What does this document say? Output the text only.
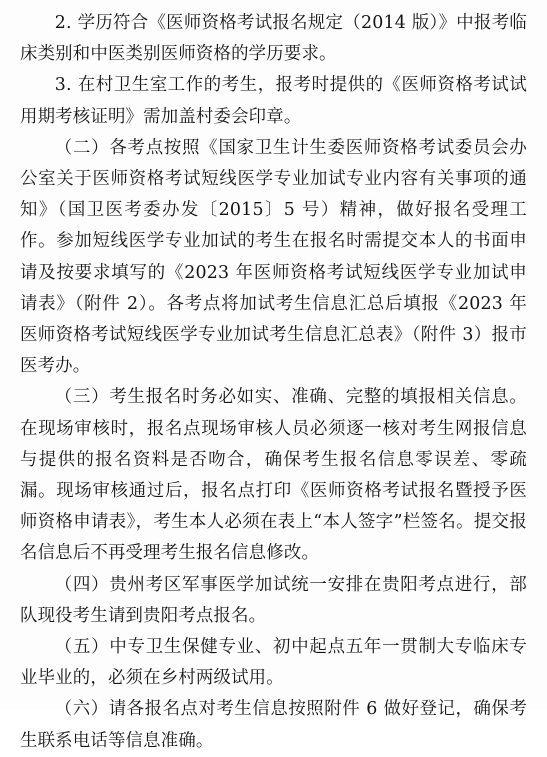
2. 学历符合《医师资格考试报名规定（2014 版）》中报考临床类别和中医类别医师资格的学历要求。

3. 在村卫生室工作的考生，报考时提供的《医师资格考试试用期考核证明》需加盖村委会印章。

（二）各考点按照《国家卫生计生委医师资格考试委员会办公室关于医师资格考试短线医学专业加试专业内容有关事项的通知》（国卫医考委办发〔2015〕5 号）精神，做好报名受理工作。参加短线医学专业加试的考生在报名时需提交本人的书面申请及按要求填写的《2023 年医师资格考试短线医学专业加试申请表》（附件 2）。各考点将加试考生信息汇总后填报《2023 年医师资格考试短线医学专业加试考生信息汇总表》（附件 3）报市医考办。

（三）考生报名时务必如实、准确、完整的填报相关信息。在现场审核时，报名点现场审核人员必须逐一核对考生网报信息与提供的报名资料是否吻合，确保考生报名信息零误差、零疏漏。现场审核通过后，报名点打印《医师资格考试报名暨授予医师资格申请表》，考生本人必须在表上“本人签字”栏签名。提交报名信息后不再受理考生报名信息修改。

（四）贵州考区军事医学加试统一安排在贵阳考点进行，部队现役考生请到贵阳考点报名。

（五）中专卫生保健专业、初中起点五年一贯制大专临床专业毕业的，必须在乡村两级试用。

（六）请各报名点对考生信息按照附件 6 做好登记，确保考生联系电话等信息准确。
